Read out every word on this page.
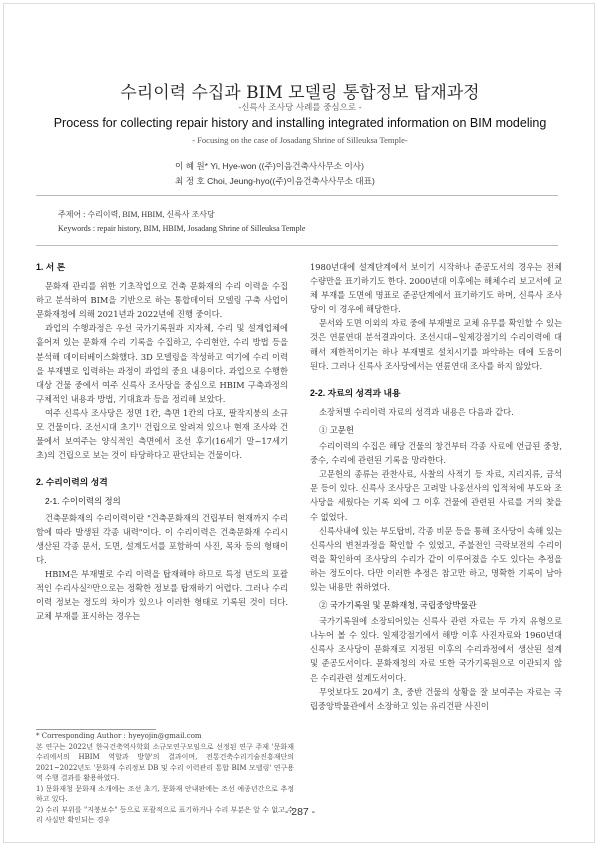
수리이력 수집과 BIM 모델링 통합정보 탑재과정
-신륵사 조사당 사례를 중심으로 -
Process for collecting repair history and installing integrated information on BIM modeling
- Focusing on the case of Josadang Shrine of Silleuksa Temple-
이 혜 원* Yi, Hye-won ((주)이음건축사사무소 이사)
최 정 호 Choi, Jeung-hyo((주)이음건축사사무소 대표)
주제어 : 수리이력, BIM, HBIM, 신륵사 조사당
Keywords : repair history, BIM, HBIM, Josadang Shrine of Silleuksa Temple
1. 서 론

문화재 관리를 위한 기초작업으로 건축 문화재의 수리 이력을 수집하고 분석하여 BIM을 기반으로 하는 통합데이터 모델링 구축 사업이 문화재청에 의해 2021년과 2022년에 진행 중이다.

과업의 수행과정은 우선 국가기록원과 지자체, 수리 및 설계업체에 흩어져 있는 문화재 수리 기록을 수집하고, 수리현안, 수리 방법 등을 분석해 데이터베이스화했다. 3D 모델링을 작성하고 여기에 수리 이력을 부재별로 입력하는 과정이 과업의 중요 내용이다. 과업으로 수행한 대상 건물 중에서 여주 신륵사 조사당을 중심으로 HBIM 구축과정의 구체적인 내용과 방법, 기대효과 등을 정리해 보았다.

여주 신륵사 조사당은 정면 1칸, 측면 1칸의 다포, 팔작지붕의 소규모 건물이다. 조선시대 초기¹⁾ 건립으로 알려져 있으나 현재 조사와 건물에서 보여주는 양식적인 측면에서 조선 후기(16세기 말~17세기 초)의 건립으로 보는 것이 타당하다고 판단되는 건물이다.

2. 수리이력의 성격
2-1. 수이이력의 정의

건축문화재의 수리이력이란 "건축문화재의 건립부터 현재까지 수리함에 따라 발생된 각종 내력"이다. 이 수리이력은 건축문화재 수리시 생산된 각종 문서, 도면, 설계도서를 포함하여 사진, 목차 등의 형태이다.

HBIM은 부재별로 수리 이력을 탑재해야 하므로 특정 년도의 포괄적인 수리사실²⁾만으로는 정확한 정보를 탑재하기 어렵다. 그러나 수리이력 정보는 정도의 차이가 있으나 이러한 형태로 기록된 것이 더다. 교체 부재를 표시하는 경우는

1980년대에 설계단계에서 보이기 시작하나 준공도서의 경우는 전체 수량만을 표기하기도 한다. 2000년대 이후에는 해체수리 보고서에 교체 부재를 도면에 명표로 준공단계에서 표기하기도 하며, 신륵사 조사당이 이 경우에 해당한다.

문서와 도면 이외의 자료 중에 부재별로 교체 유무를 확인할 수 있는 것은 연륜연대 분석결과이다. 조선시대~일제강점기의 수리이력에 대해서 제한적이기는 하나 부재별로 설치시기를 파악하는 데에 도움이 된다. 그러나 신륵사 조사당에서는 연륜연대 조사를 하지 않았다.

2-2. 자료의 성격과 내용

소장처별 수리이력 자료의 성격과 내용은 다음과 같다.

① 고문헌

수리이력의 수집은 해당 건물의 창건부터 각종 사료에 언급된 중창, 중수, 수리에 관련된 기록을 망라한다.

고문헌의 종류는 관찬사료, 사찰의 사적기 등 자료, 지리지류, 금석문 등이 있다. 신륵사 조사당은 고려말 나옹선사의 입적처에 부도와 조사당을 세웠다는 기록 외에 그 이후 건물에 관련된 사료를 거의 찾을 수 없었다.

신륵사내에 있는 부도탑비, 각종 비문 등을 통해 조사당이 속해 있는 신륵사의 변천과정을 확인할 수 있었고, 주불전인 극락보전의 수리이력을 확인하여 조사당의 수리가 같이 이루어졌을 수도 있다는 추정을 하는 정도이다. 다만 이러한 추정은 참고만 하고, 명확한 기록이 남아 있는 내용만 취하였다.

② 국가기록원 및 문화재청, 국립중앙박물관

국가기록원에 소장되어있는 신륵사 관련 자료는 두 가지 유형으로 나누어 볼 수 있다. 일제강점기에서 해방 이후 사진자료와 1960년대 신륵사 조사당이 문화재로 지정된 이후의 수리과정에서 생산된 설계 및 준공도서이다. 문화재청의 자료 또한 국가기록원으로 이관되지 않은 수리관련 설계도서이다.

무엇보다도 20세기 초, 중반 건물의 상황을 잘 보여주는 자료는 국립중앙박물관에서 소장하고 있는 유리건판 사진이

* Corresponding Author : hyeyojin@gmail.com

본 연구는 2022년 한국건축역사학회 소규모연구모임으로 선정된 연구 주제 '문화재수리에서의 HBIM 역할과 방향'의 결과이며, 전통건축수리기술진흥재단의 2021~2022년도 '문화재 수리정보 DB 및 수리 이력관리 통합 BIM 모델링' 연구용역 수행 결과를 활용하였다.

1) 문화재청 문화재 소개에는 조선 초기, 문화재 안내판에는 조선 예종년간으로 추정하고 있다.

2) 수리 부위를 "지붕보수" 등으로 포괄적으로 표기하거나 수리 부분은 알 수 없고 수리 사실만 확인되는 경우

- 287 -
